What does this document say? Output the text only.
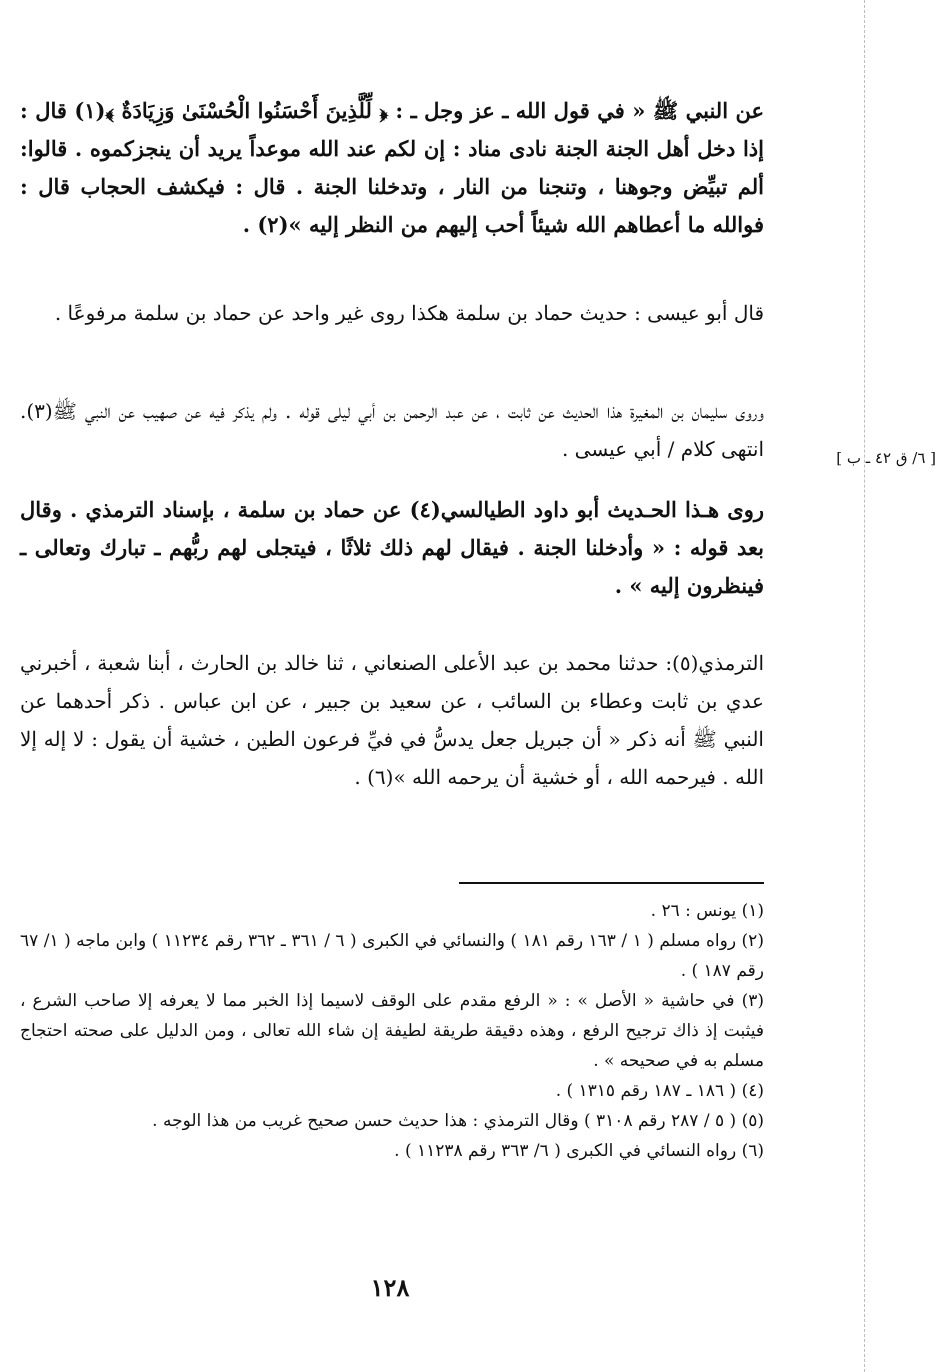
[ ٦/ ق ٤٢ ـ ب ]

عن النبي ﷺ « في قول الله ـ عز وجل ـ : ﴿ لِّلَّذِينَ أَحْسَنُوا الْحُسْنَىٰ وَزِيَادَةٌ ﴾(١) قال : إذا دخل أهل الجنة الجنة نادى مناد : إن لكم عند الله موعداً يريد أن ينجزكموه . قالوا: ألم تبيِّض وجوهنا ، وتنجنا من النار ، وتدخلنا الجنة . قال : فيكشف الحجاب قال : فوالله ما أعطاهم الله شيئاً أحب إليهم من النظر إليه »(٢) .

قال أبو عيسى : حديث حماد بن سلمة هكذا روى غير واحد عن حماد بن سلمة مرفوعًا .

وروى سليمان بن المغيرة هذا الحديث عن ثابت ، عن عبد الرحمن بن أبي ليلى قوله . ولم يذكر فيه عن صهيب عن النبي ﷺ(٣). انتهى كلام / أبي عيسى .

روى هـذا الحـديث أبو داود الطيالسي(٤) عن حماد بن سلمة ، بإسناد الترمذي . وقال بعد قوله : « وأدخلنا الجنة . فيقال لهم ذلك ثلاثًا ، فيتجلى لهم ربُّهم ـ تبارك وتعالى ـ فينظرون إليه » .

الترمذي(٥): حدثنا محمد بن عبد الأعلى الصنعاني ، ثنا خالد بن الحارث ، أبنا شعبة ، أخبرني عدي بن ثابت وعطاء بن السائب ، عن سعيد بن جبير ، عن ابن عباس . ذكر أحدهما عن النبي ﷺ أنه ذكر « أن جبريل جعل يدسُّ في فيِّ فرعون الطين ، خشية أن يقول : لا إله إلا الله . فيرحمه الله ، أو خشية أن يرحمه الله »(٦) .

(١) يونس : ٢٦ .

(٢) رواه مسلم ( ١ / ١٦٣ رقم ١٨١ ) والنسائي في الكبرى ( ٦ / ٣٦١ ـ ٣٦٢ رقم ١١٢٣٤ ) وابن ماجه ( ١/ ٦٧ رقم ١٨٧ ) .

(٣) في حاشية « الأصل » : « الرفع مقدم على الوقف لاسيما إذا الخبر مما لا يعرفه إلا صاحب الشرع ، فيثبت إذ ذاك ترجيح الرفع ، وهذه دقيقة طريقة لطيفة إن شاء الله تعالى ، ومن الدليل على صحته احتجاج مسلم به في صحيحه » .

(٤) ( ١٨٦ ـ ١٨٧ رقم ١٣١٥ ) .

(٥) ( ٥ / ٢٨٧ رقم ٣١٠٨ ) وقال الترمذي : هذا حديث حسن صحيح غريب من هذا الوجه .

(٦) رواه النسائي في الكبرى ( ٦/ ٣٦٣ رقم ١١٢٣٨ ) .

١٢٨
